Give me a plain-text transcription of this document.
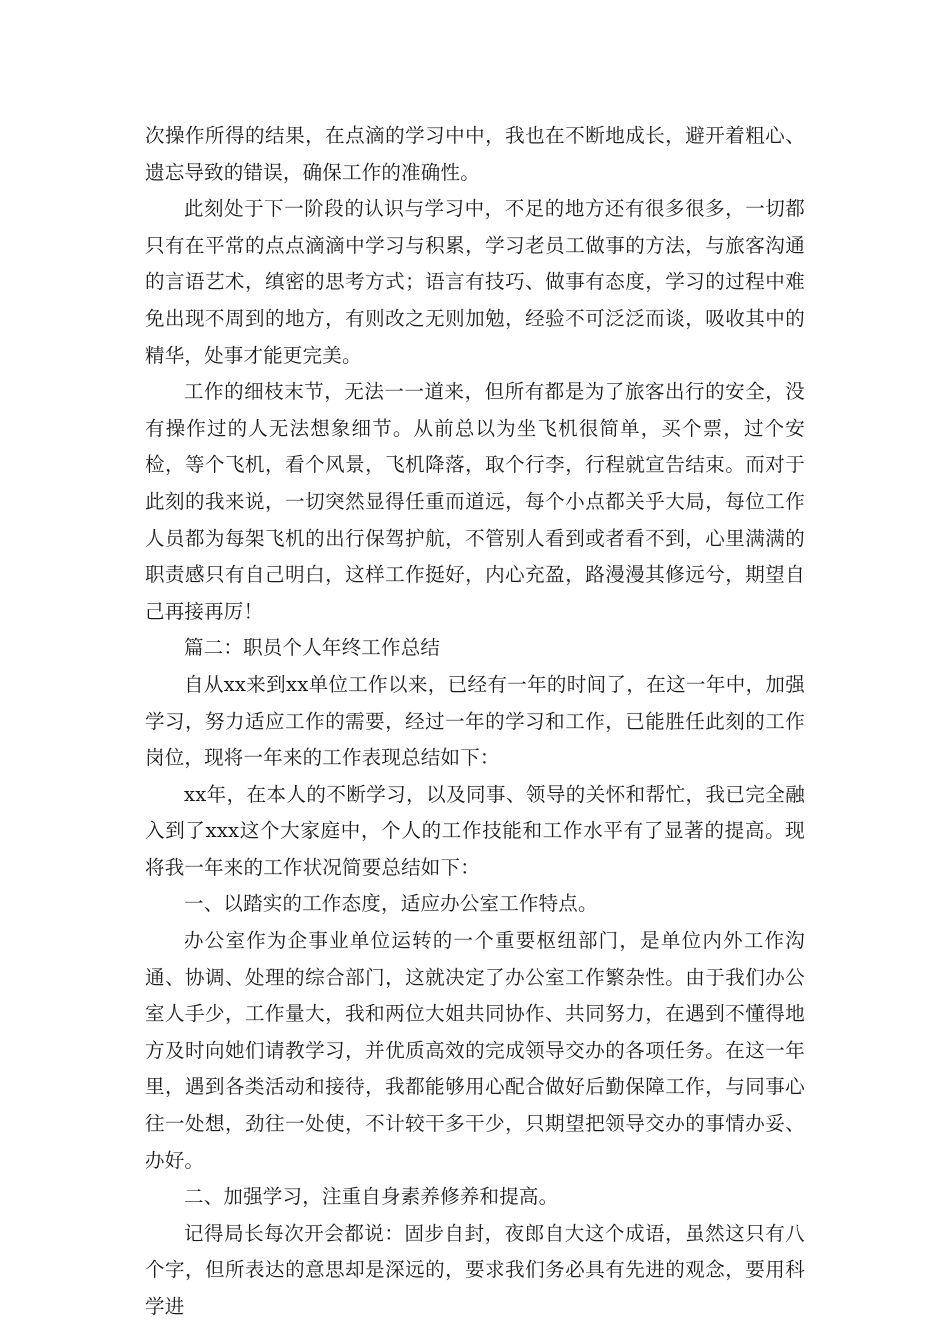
次操作所得的结果，在点滴的学习中中，我也在不断地成长，避开着粗心、遗忘导致的错误，确保工作的准确性。

此刻处于下一阶段的认识与学习中，不足的地方还有很多很多，一切都只有在平常的点点滴滴中学习与积累，学习老员工做事的方法，与旅客沟通的言语艺术，缜密的思考方式；语言有技巧、做事有态度，学习的过程中难免出现不周到的地方，有则改之无则加勉，经验不可泛泛而谈，吸收其中的精华，处事才能更完美。

工作的细枝末节，无法一一道来，但所有都是为了旅客出行的安全，没有操作过的人无法想象细节。从前总以为坐飞机很简单，买个票，过个安检，等个飞机，看个风景，飞机降落，取个行李，行程就宣告结束。而对于此刻的我来说，一切突然显得任重而道远，每个小点都关乎大局，每位工作人员都为每架飞机的出行保驾护航，不管别人看到或者看不到，心里满满的职责感只有自己明白，这样工作挺好，内心充盈，路漫漫其修远兮，期望自己再接再厉！

篇二：职员个人年终工作总结

自从xx来到xx单位工作以来，已经有一年的时间了，在这一年中，加强学习，努力适应工作的需要，经过一年的学习和工作，已能胜任此刻的工作岗位，现将一年来的工作表现总结如下：

xx年，在本人的不断学习，以及同事、领导的关怀和帮忙，我已完全融入到了xxx这个大家庭中，个人的工作技能和工作水平有了显著的提高。现将我一年来的工作状况简要总结如下：

一、以踏实的工作态度，适应办公室工作特点。

办公室作为企事业单位运转的一个重要枢纽部门，是单位内外工作沟通、协调、处理的综合部门，这就决定了办公室工作繁杂性。由于我们办公室人手少，工作量大，我和两位大姐共同协作、共同努力，在遇到不懂得地方及时向她们请教学习，并优质高效的完成领导交办的各项任务。在这一年里，遇到各类活动和接待，我都能够用心配合做好后勤保障工作，与同事心往一处想，劲往一处使，不计较干多干少，只期望把领导交办的事情办妥、办好。

二、加强学习，注重自身素养修养和提高。

记得局长每次开会都说：固步自封，夜郎自大这个成语，虽然这只有八个字，但所表达的意思却是深远的，要求我们务必具有先进的观念，要用科学进
